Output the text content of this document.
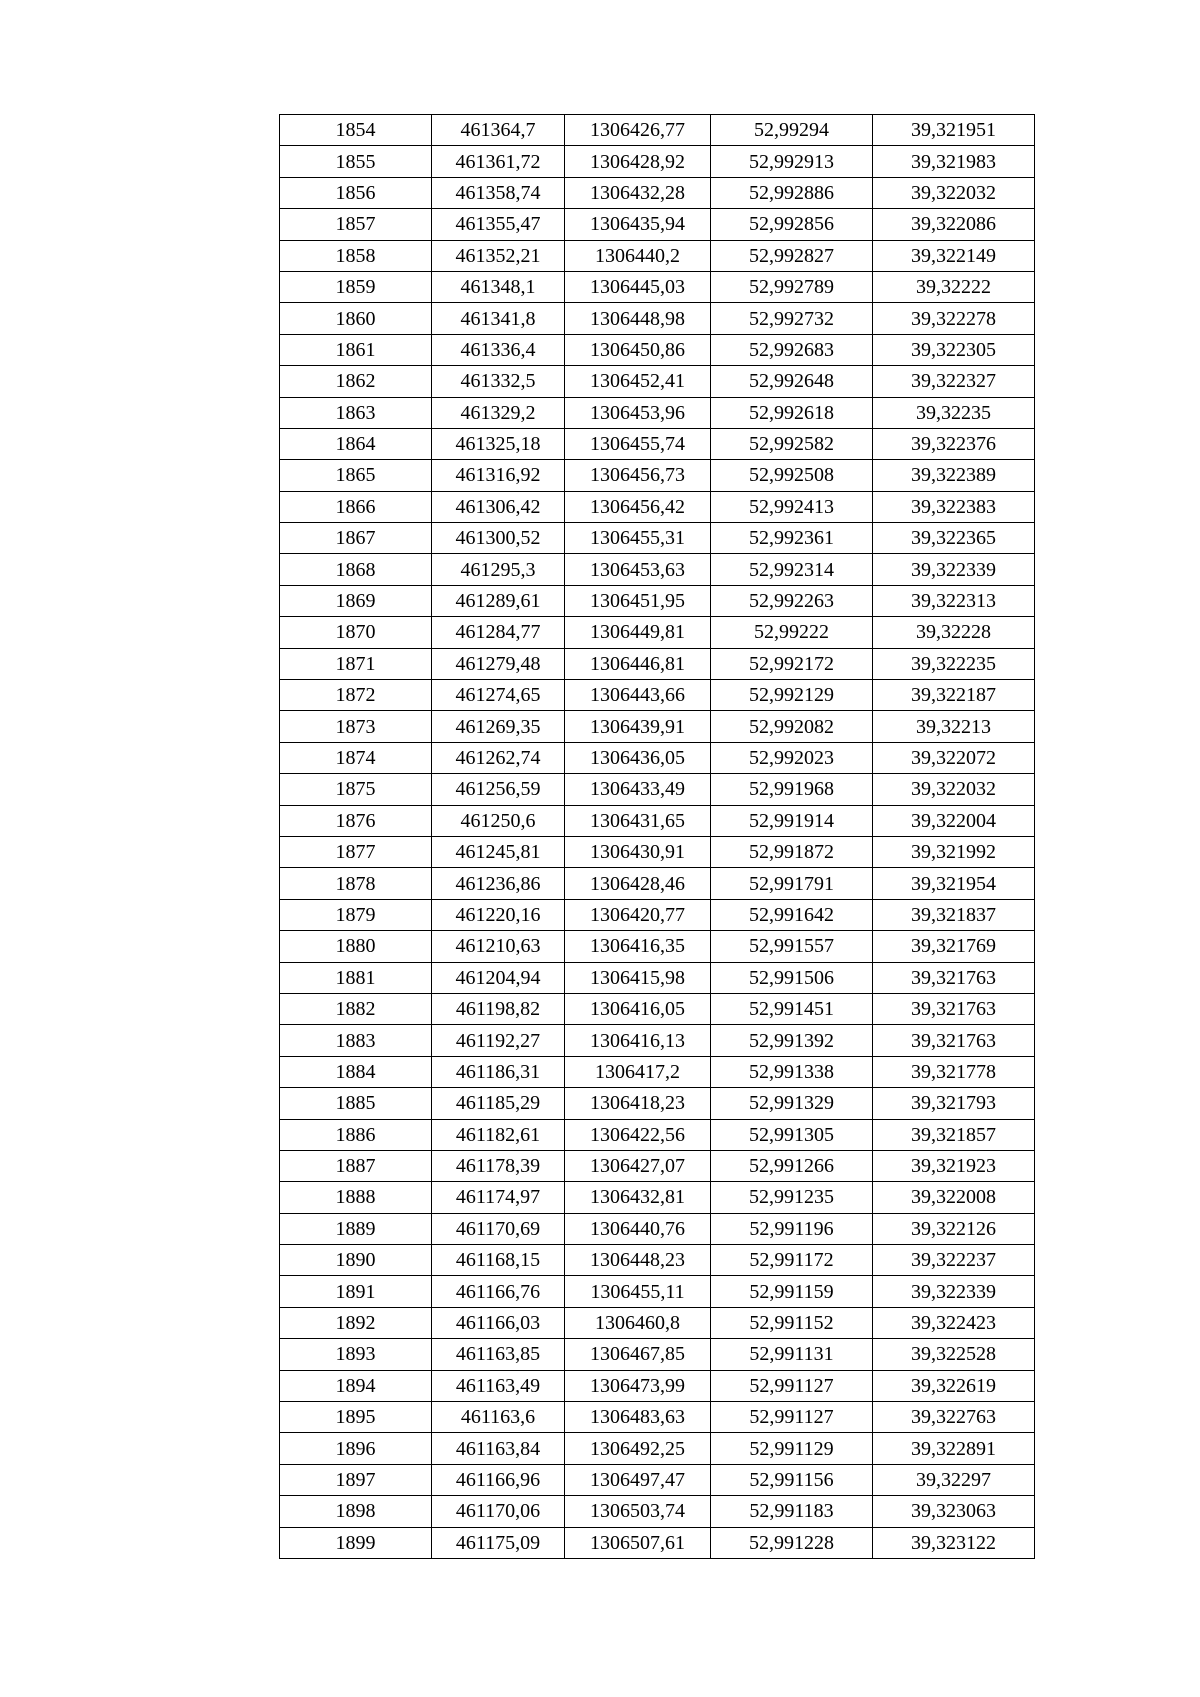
1854	461364,7	1306426,77	52,99294	39,321951
1855	461361,72	1306428,92	52,992913	39,321983
1856	461358,74	1306432,28	52,992886	39,322032
1857	461355,47	1306435,94	52,992856	39,322086
1858	461352,21	1306440,2	52,992827	39,322149
1859	461348,1	1306445,03	52,992789	39,32222
1860	461341,8	1306448,98	52,992732	39,322278
1861	461336,4	1306450,86	52,992683	39,322305
1862	461332,5	1306452,41	52,992648	39,322327
1863	461329,2	1306453,96	52,992618	39,32235
1864	461325,18	1306455,74	52,992582	39,322376
1865	461316,92	1306456,73	52,992508	39,322389
1866	461306,42	1306456,42	52,992413	39,322383
1867	461300,52	1306455,31	52,992361	39,322365
1868	461295,3	1306453,63	52,992314	39,322339
1869	461289,61	1306451,95	52,992263	39,322313
1870	461284,77	1306449,81	52,99222	39,32228
1871	461279,48	1306446,81	52,992172	39,322235
1872	461274,65	1306443,66	52,992129	39,322187
1873	461269,35	1306439,91	52,992082	39,32213
1874	461262,74	1306436,05	52,992023	39,322072
1875	461256,59	1306433,49	52,991968	39,322032
1876	461250,6	1306431,65	52,991914	39,322004
1877	461245,81	1306430,91	52,991872	39,321992
1878	461236,86	1306428,46	52,991791	39,321954
1879	461220,16	1306420,77	52,991642	39,321837
1880	461210,63	1306416,35	52,991557	39,321769
1881	461204,94	1306415,98	52,991506	39,321763
1882	461198,82	1306416,05	52,991451	39,321763
1883	461192,27	1306416,13	52,991392	39,321763
1884	461186,31	1306417,2	52,991338	39,321778
1885	461185,29	1306418,23	52,991329	39,321793
1886	461182,61	1306422,56	52,991305	39,321857
1887	461178,39	1306427,07	52,991266	39,321923
1888	461174,97	1306432,81	52,991235	39,322008
1889	461170,69	1306440,76	52,991196	39,322126
1890	461168,15	1306448,23	52,991172	39,322237
1891	461166,76	1306455,11	52,991159	39,322339
1892	461166,03	1306460,8	52,991152	39,322423
1893	461163,85	1306467,85	52,991131	39,322528
1894	461163,49	1306473,99	52,991127	39,322619
1895	461163,6	1306483,63	52,991127	39,322763
1896	461163,84	1306492,25	52,991129	39,322891
1897	461166,96	1306497,47	52,991156	39,32297
1898	461170,06	1306503,74	52,991183	39,323063
1899	461175,09	1306507,61	52,991228	39,323122
